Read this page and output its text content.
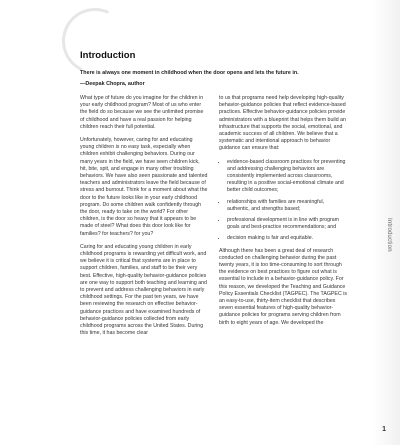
Introduction
Introduction
There is always one moment in childhood when the door opens and lets the future in.
—Deepak Chopra, author

What type of future do you imagine for the children in your early childhood program? Most of us who enter the field do so because we see the unlimited promise of childhood and have a real passion for helping children reach their full potential.

Unfortunately, however, caring for and educating young children is no easy task, especially when children exhibit challenging behaviors. During our many years in the field, we have seen children kick, hit, bite, spit, and engage in many other troubling behaviors. We have also seen passionate and talented teachers and administrators leave the field because of stress and burnout. Think for a moment about what the door to the future looks like in your early childhood program. Do some children walk confidently through the door, ready to take on the world? For other children, is the door so heavy that it appears to be made of steel? What does this door look like for families? for teachers? for you?

Caring for and educating young children in early childhood programs is rewarding yet difficult work, and we believe it is critical that systems are in place to support children, families, and staff to be their very best. Effective, high-quality behavior-guidance policies are one way to support both teaching and learning and to prevent and address challenging behaviors in early childhood settings. For the past ten years, we have been reviewing the research on effective behavior-guidance practices and have examined hundreds of behavior-guidance policies collected from early childhood programs across the United States. During this time, it has become clear

to us that programs need help developing high-quality behavior-guidance policies that reflect evidence-based practices. Effective behavior-guidance policies provide administrators with a blueprint that helps them build an infrastructure that supports the social, emotional, and academic success of all children. We believe that a systematic and intentional approach to behavior guidance can ensure that:

• evidence-based classroom practices for preventing and addressing challenging behaviors are consistently implemented across classrooms, resulting in a positive social-emotional climate and better child outcomes;
• relationships with families are meaningful, authentic, and strengths based;
• professional development is in line with program goals and best-practice recommendations; and
• decision making is fair and equitable.

Although there has been a great deal of research conducted on challenging behavior during the past twenty years, it is too time-consuming to sort through the evidence on best practices to figure out what is essential to include in a behavior-guidance policy. For this reason, we developed the Teaching and Guidance Policy Essentials Checklist (TAGPEC). The TAGPEC is an easy-to-use, thirty-item checklist that describes seven essential features of high-quality behavior-guidance policies for programs serving children from birth to eight years of age. We developed the

1
